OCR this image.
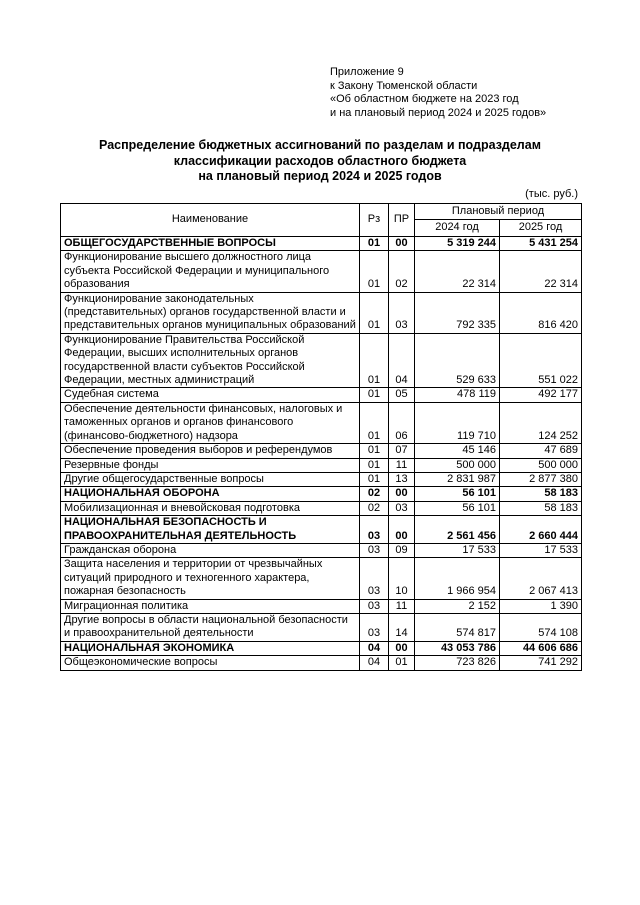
Приложение 9
к Закону Тюменской области
«Об областном бюджете на 2023 год
и на плановый период 2024 и 2025 годов»
Распределение бюджетных ассигнований по разделам и подразделам
классификации расходов областного бюджета
на плановый период 2024 и 2025 годов
(тыс. руб.)
Наименование	Рз	ПР	Плановый период	
			2024 год	2025 год
ОБЩЕГОСУДАРСТВЕННЫЕ ВОПРОСЫ	01	00	5 319 244	5 431 254
Функционирование высшего должностного лица субъекта Российской Федерации и муниципального образования	01	02	22 314	22 314
Функционирование законодательных (представительных) органов государственной власти и представительных органов муниципальных образований	01	03	792 335	816 420
Функционирование Правительства Российской Федерации, высших исполнительных органов государственной власти субъектов Российской Федерации, местных администраций	01	04	529 633	551 022
Судебная система	01	05	478 119	492 177
Обеспечение деятельности финансовых, налоговых и таможенных органов и органов финансового (финансово-бюджетного) надзора	01	06	119 710	124 252
Обеспечение проведения выборов и референдумов	01	07	45 146	47 689
Резервные фонды	01	11	500 000	500 000
Другие общегосударственные вопросы	01	13	2 831 987	2 877 380
НАЦИОНАЛЬНАЯ ОБОРОНА	02	00	56 101	58 183
Мобилизационная и вневойсковая подготовка	02	03	56 101	58 183
НАЦИОНАЛЬНАЯ БЕЗОПАСНОСТЬ И ПРАВООХРАНИТЕЛЬНАЯ ДЕЯТЕЛЬНОСТЬ	03	00	2 561 456	2 660 444
Гражданская оборона	03	09	17 533	17 533
Защита населения и территории от чрезвычайных ситуаций природного и техногенного характера, пожарная безопасность	03	10	1 966 954	2 067 413
Миграционная политика	03	11	2 152	1 390
Другие вопросы в области национальной безопасности и правоохранительной деятельности	03	14	574 817	574 108
НАЦИОНАЛЬНАЯ ЭКОНОМИКА	04	00	43 053 786	44 606 686
Общеэкономические вопросы	04	01	723 826	741 292
